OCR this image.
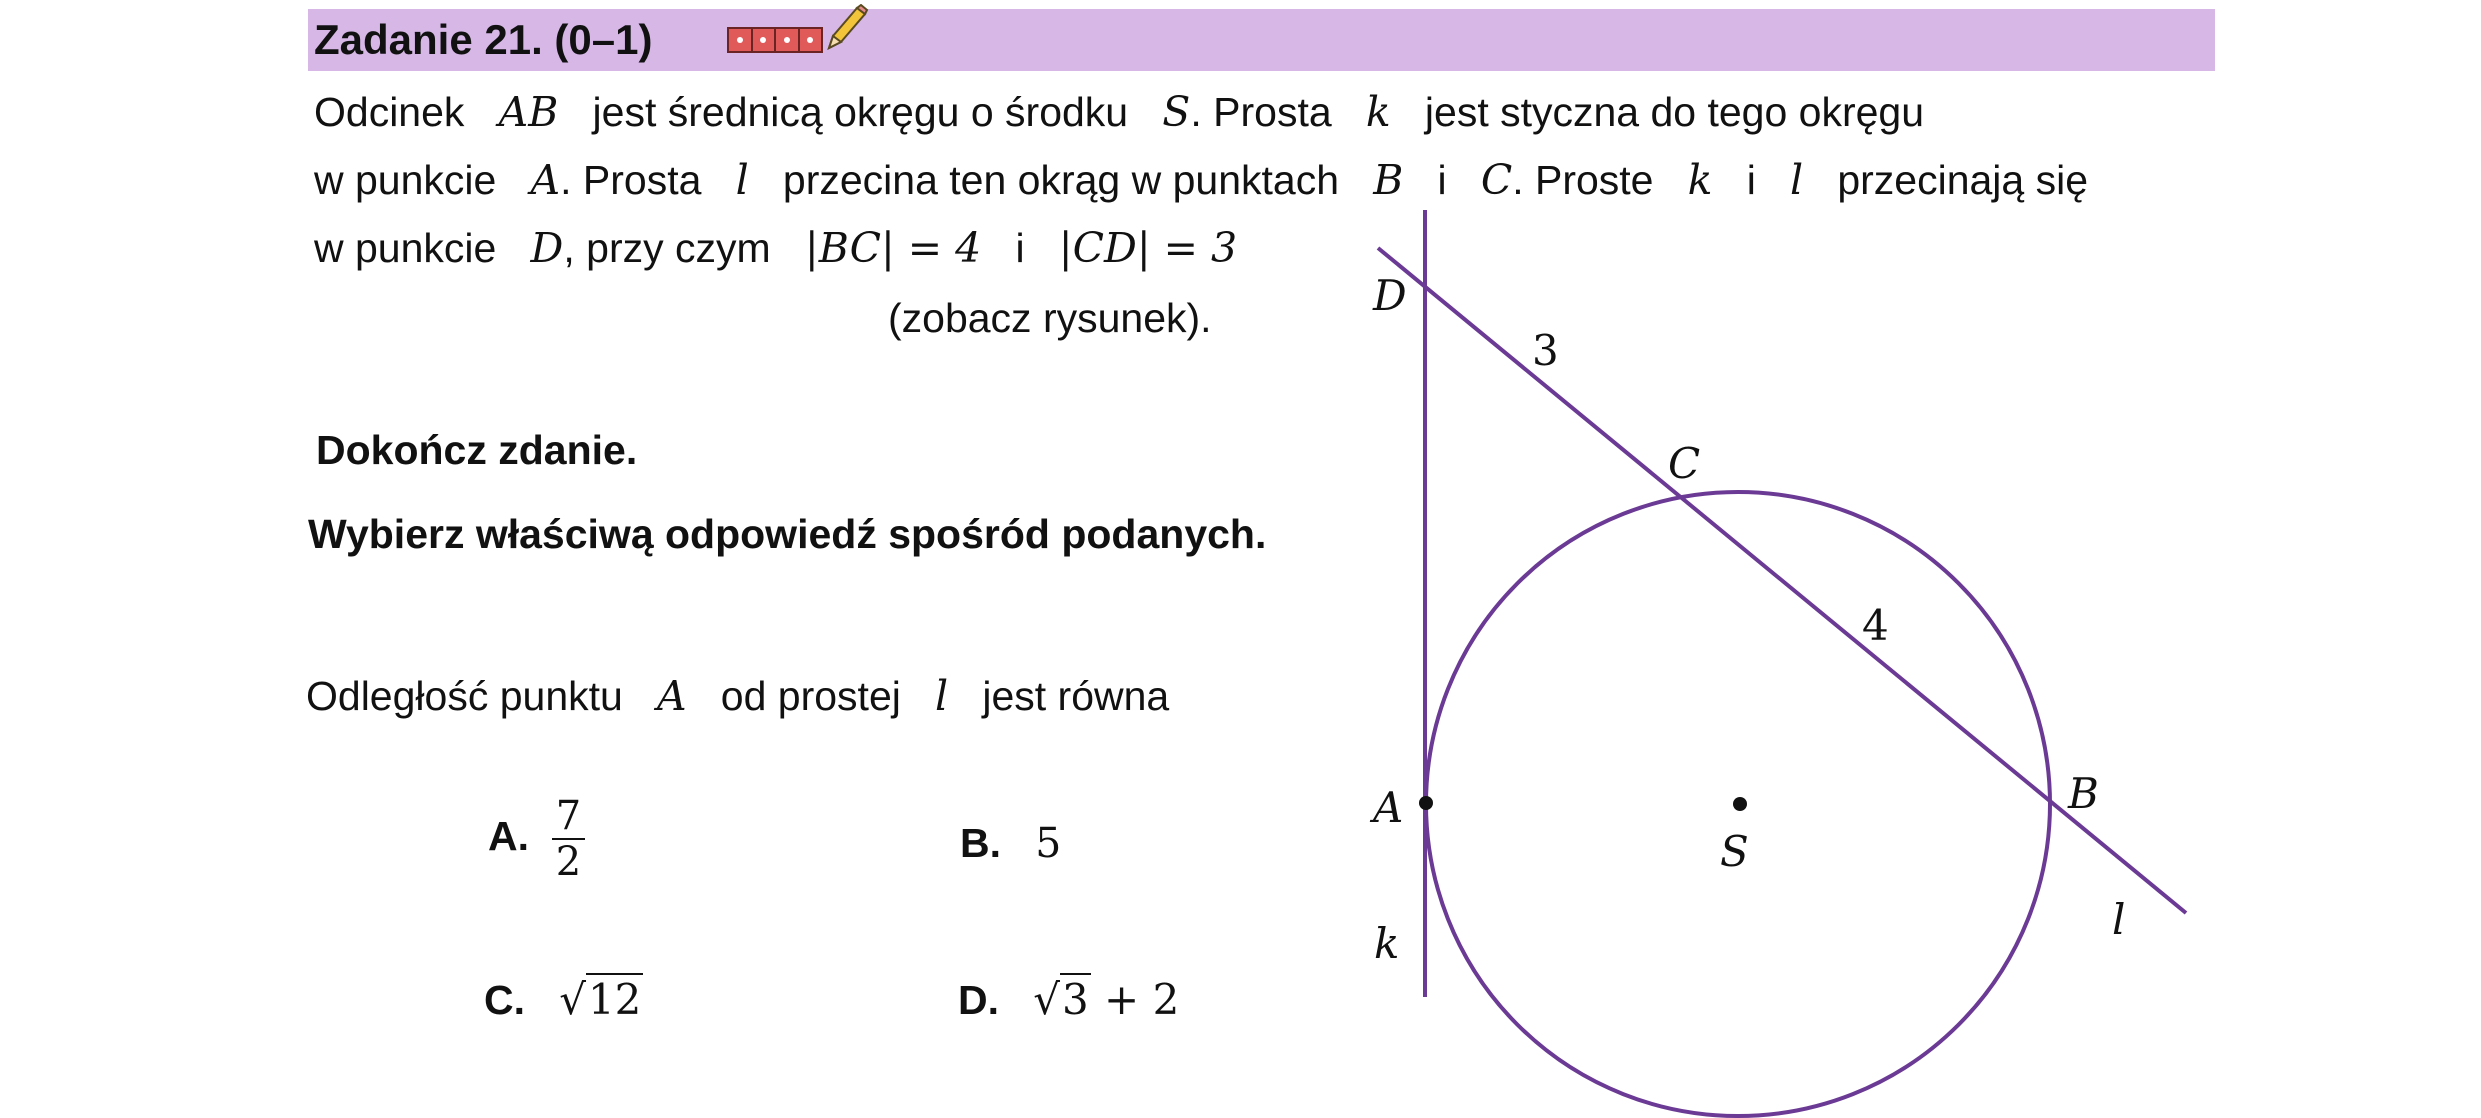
Zadanie 21. (0–1)
Odcinek AB jest średnicą okręgu o środku S. Prosta k jest styczna do tego okręgu
w punkcie A. Prosta l przecina ten okrąg w punktach B i C. Proste k i l przecinają się
w punkcie D, przy czym |BC| = 4 i |CD| = 3
(zobacz rysunek).
Dokończ zdanie.
Wybierz właściwą odpowiedź spośród podanych.
Odległość punktu A od prostej l jest równa
A. $\frac{7}{2}$	B. 5
C. √12	D. √3 + 2
D
3
C
4
A
S
B
k	l
